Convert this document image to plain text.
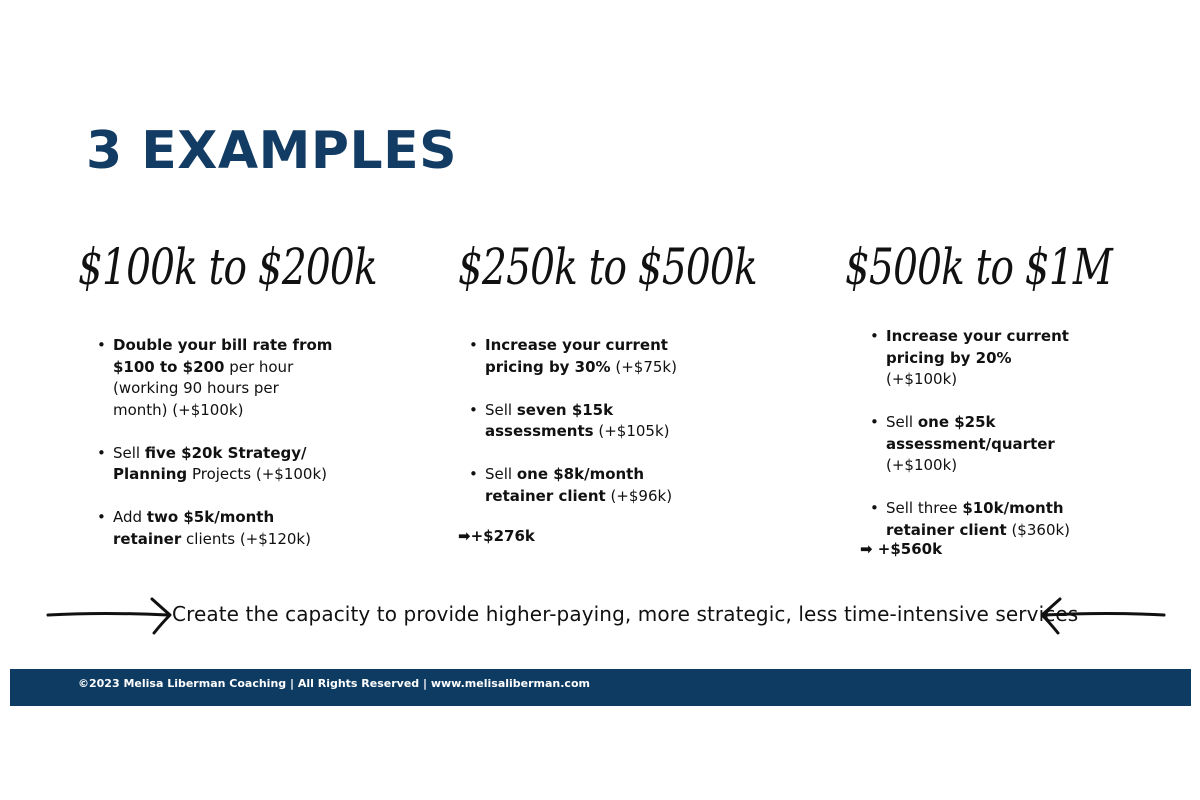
3 EXAMPLES
$100k to $200k
• Double your bill rate from $100 to $200 per hour (working 90 hours per month) (+$100k)
• Sell five $20k Strategy/ Planning Projects (+$100k)
• Add two $5k/month retainer clients (+$120k)
$250k to $500k
• Increase your current pricing by 30% (+$75k)
• Sell seven $15k assessments (+$105k)
• Sell one $8k/month retainer client (+$96k)
➡+$276k
$500k to $1M
• Increase your current pricing by 20% (+$100k)
• Sell one $25k assessment/quarter (+$100k)
• Sell three $10k/month retainer client ($360k)
➡ +$560k
Create the capacity to provide higher-paying, more strategic, less time-intensive services
©2023 Melisa Liberman Coaching | All Rights Reserved | www.melisaliberman.com
